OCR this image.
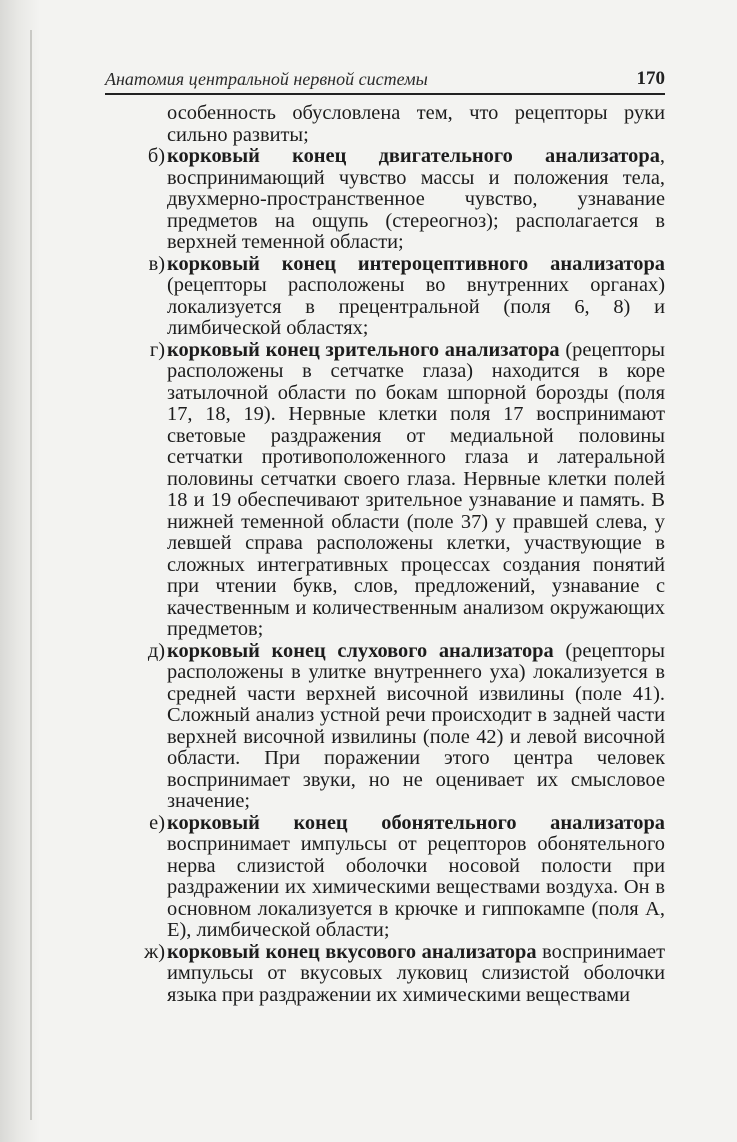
Анатомия центральной нервной системы	170
особенность обусловлена тем, что рецепторы руки сильно развиты;
б) корковый конец двигательного анализатора, воспринимающий чувство массы и положения тела, двухмерно-пространственное чувство, узнавание предметов на ощупь (стереогноз); располагается в верхней теменной области;
в) корковый конец интероцептивного анализатора (рецепторы расположены во внутренних органах) локализуется в прецентральной (поля 6, 8) и лимбической областях;
г) корковый конец зрительного анализатора (рецепторы расположены в сетчатке глаза) находится в коре затылочной области по бокам шпорной борозды (поля 17, 18, 19). Нервные клетки поля 17 воспринимают световые раздражения от медиальной половины сетчатки противоположенного глаза и латеральной половины сетчатки своего глаза. Нервные клетки полей 18 и 19 обеспечивают зрительное узнавание и память. В нижней теменной области (поле 37) у правшей слева, у левшей справа расположены клетки, участвующие в сложных интегративных процессах создания понятий при чтении букв, слов, предложений, узнавание с качественным и количественным анализом окружающих предметов;
д) корковый конец слухового анализатора (рецепторы расположены в улитке внутреннего уха) локализуется в средней части верхней височной извилины (поле 41). Сложный анализ устной речи происходит в задней части верхней височной извилины (поле 42) и левой височной области. При поражении этого центра человек воспринимает звуки, но не оценивает их смысловое значение;
е) корковый конец обонятельного анализатора воспринимает импульсы от рецепторов обонятельного нерва слизистой оболочки носовой полости при раздражении их химическими веществами воздуха. Он в основном локализуется в крючке и гиппокампе (поля А, Е), лимбической области;
ж) корковый конец вкусового анализатора воспринимает импульсы от вкусовых луковиц слизистой оболочки языка при раздражении их химическими веществами
